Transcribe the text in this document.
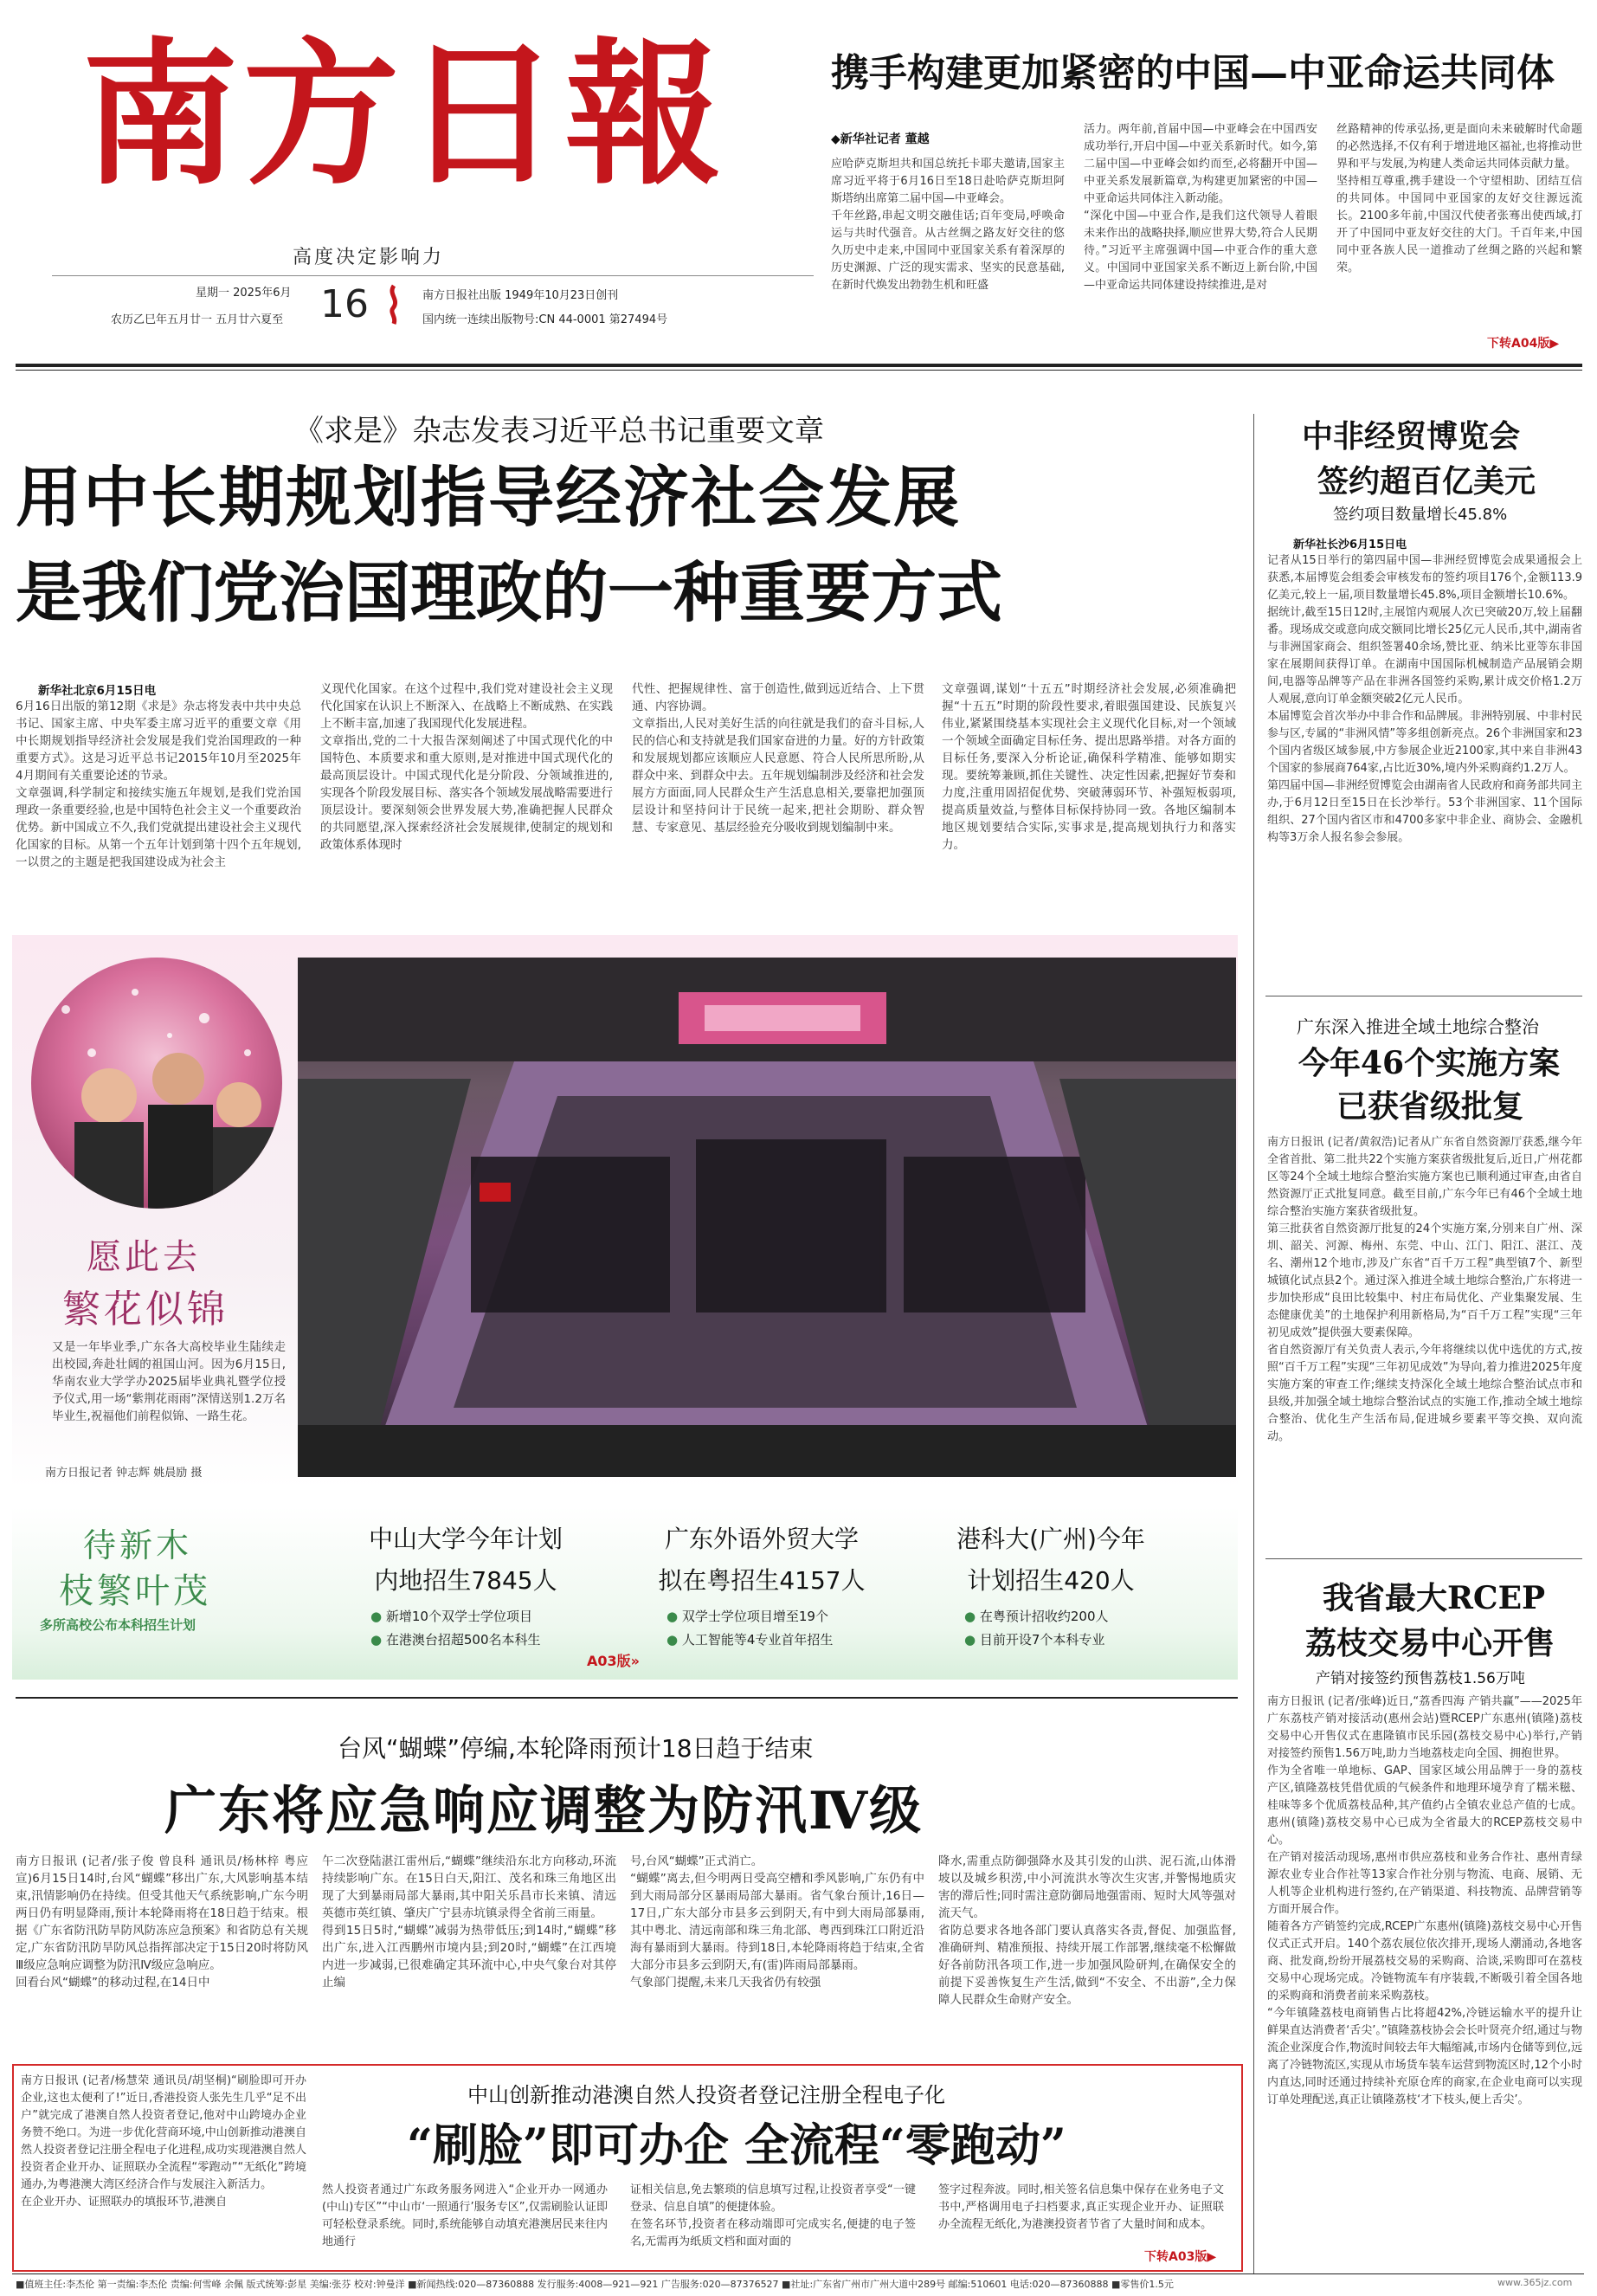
南方日報
高度决定影响力
星期一 2025年6月
农历乙巳年五月廿一 五月廿六夏至 16	南方日报社出版 1949年10月23日创刊
国内统一连续出版物号:CN 44-0001 第27494号
携手构建更加紧密的中国—中亚命运共同体
◆新华社记者 董越
应哈萨克斯坦共和国总统托卡耶夫邀请,国家主席习近平将于6月16日至18日赴哈萨克斯坦阿斯塔纳出席第二届中国—中亚峰会。
千年丝路,串起文明交融佳话;百年变局,呼唤命运与共时代强音。从古丝绸之路友好交往的悠久历史中走来,中国同中亚国家关系有着深厚的历史渊源、广泛的现实需求、坚实的民意基础,在新时代焕发出勃勃生机和旺盛
活力。两年前,首届中国—中亚峰会在中国西安成功举行,开启中国—中亚关系新时代。如今,第二届中国—中亚峰会如约而至,必将翻开中国—中亚关系发展新篇章,为构建更加紧密的中国—中亚命运共同体注入新动能。
“深化中国—中亚合作,是我们这代领导人着眼未来作出的战略抉择,顺应世界大势,符合人民期待。”习近平主席强调中国—中亚合作的重大意义。中国同中亚国家关系不断迈上新台阶,中国—中亚命运共同体建设持续推进,是对
丝路精神的传承弘扬,更是面向未来破解时代命题的必然选择,不仅有利于增进地区福祉,也将推动世界和平与发展,为构建人类命运共同体贡献力量。
坚持相互尊重,携手建设一个守望相助、团结互信的共同体。中国同中亚国家的友好交往源远流长。2100多年前,中国汉代使者张骞出使西域,打开了中国同中亚友好交往的大门。千百年来,中国同中亚各族人民一道推动了丝绸之路的兴起和繁荣。
下转A04版▶
《求是》杂志发表习近平总书记重要文章
用中长期规划指导经济社会发展
是我们党治国理政的一种重要方式
新华社北京6月15日电
6月16日出版的第12期《求是》杂志将发表中共中央总书记、国家主席、中央军委主席习近平的重要文章《用中长期规划指导经济社会发展是我们党治国理政的一种重要方式》。这是习近平总书记2015年10月至2025年4月期间有关重要论述的节录。
文章强调,科学制定和接续实施五年规划,是我们党治国理政一条重要经验,也是中国特色社会主义一个重要政治优势。新中国成立不久,我们党就提出建设社会主义现代化国家的目标。从第一个五年计划到第十四个五年规划,一以贯之的主题是把我国建设成为社会主
义现代化国家。在这个过程中,我们党对建设社会主义现代化国家在认识上不断深入、在战略上不断成熟、在实践上不断丰富,加速了我国现代化发展进程。
文章指出,党的二十大报告深刻阐述了中国式现代化的中国特色、本质要求和重大原则,是对推进中国式现代化的最高顶层设计。中国式现代化是分阶段、分领域推进的,实现各个阶段发展目标、落实各个领域发展战略需要进行顶层设计。要深刻领会世界发展大势,准确把握人民群众的共同愿望,深入探索经济社会发展规律,使制定的规划和政策体系体现时
代性、把握规律性、富于创造性,做到远近结合、上下贯通、内容协调。
文章指出,人民对美好生活的向往就是我们的奋斗目标,人民的信心和支持就是我们国家奋进的力量。好的方针政策和发展规划都应该顺应人民意愿、符合人民所思所盼,从群众中来、到群众中去。五年规划编制涉及经济和社会发展方方面面,同人民群众生产生活息息相关,要靠把加强顶层设计和坚持问计于民统一起来,把社会期盼、群众智慧、专家意见、基层经验充分吸收到规划编制中来。
文章强调,谋划“十五五”时期经济社会发展,必须准确把握“十五五”时期的阶段性要求,着眼强国建设、民族复兴伟业,紧紧围绕基本实现社会主义现代化目标,对一个领域一个领域全面确定目标任务、提出思路举措。对各方面的目标任务,要深入分析论证,确保科学精准、能够如期实现。要统筹兼顾,抓住关键性、决定性因素,把握好节奏和力度,注重用固招促优势、突破薄弱环节、补强短板弱项,提高质量效益,与整体目标保持协同一致。各地区编制本地区规划要结合实际,实事求是,提高规划执行力和落实力。
愿此去
繁花似锦
又是一年毕业季,广东各大高校毕业生陆续走出校园,奔赴壮阔的祖国山河。因为6月15日,华南农业大学学办2025届毕业典礼暨学位授予仪式,用一场“紫荆花雨雨”深情送别1.2万名毕业生,祝福他们前程似锦、一路生花。
南方日报记者 钟志辉 姚晨励 摄
待新木
枝繁叶茂
多所高校公布本科招生计划
中山大学今年计划
内地招生7845人
● 新增10个双学士学位项目
● 在港澳台招超500名本科生
广东外语外贸大学
拟在粤招生4157人
● 双学士学位项目增至19个
● 人工智能等4专业首年招生
港科大(广州)今年
计划招生420人
● 在粤预计招收约200人
● 目前开设7个本科专业
A03版»
台风“蝴蝶”停编,本轮降雨预计18日趋于结束
广东将应急响应调整为防汛Ⅳ级
南方日报讯 (记者/张子俊 曾良科 通讯员/杨林梓 粤应宣)6月15日14时,台风“蝴蝶”移出广东,大风影响基本结束,汛情影响仍在持续。但受其他天气系统影响,广东今明两日仍有明显降雨,预计本轮降雨将在18日趋于结束。根据《广东省防汛防旱防风防冻应急预案》和省防总有关规定,广东省防汛防旱防风总指挥部决定于15日20时将防风Ⅲ级应急响应调整为防汛Ⅳ级应急响应。
回看台风“蝴蝶”的移动过程,在14日中
午二次登陆湛江雷州后,“蝴蝶”继续沿东北方向移动,环流持续影响广东。在15日白天,阳江、茂名和珠三角地区出现了大到暴雨局部大暴雨,其中阳关乐昌市长来镇、清远英德市英红镇、肇庆广宁县赤坑镇录得全省前三雨量。
得到15日5时,“蝴蝶”减弱为热带低压;到14时,“蝴蝶”移出广东,进入江西鹏州市境内县;到20时,“蝴蝶”在江西境内进一步减弱,已很难确定其环流中心,中央气象台对其停止编
号,台风“蝴蝶”正式消亡。
“蝴蝶”离去,但今明两日受高空槽和季风影响,广东仍有中到大雨局部分区暴雨局部大暴雨。省气象台预计,16日—17日,广东大部分市县多云到阴天,有中到大雨局部暴雨,其中粤北、清远南部和珠三角北部、粤西到珠江口附近沿海有暴雨到大暴雨。待到18日,本轮降雨将趋于结束,全省大部分市县多云到阴天,有(雷)阵雨局部暴雨。
气象部门提醒,未来几天我省仍有较强
降水,需重点防御强降水及其引发的山洪、泥石流,山体滑坡以及城乡积涝,中小河流洪水等次生灾害,并警惕地质灾害的滞后性;同时需注意防御局地强雷雨、短时大风等强对流天气。
省防总要求各地各部门要认真落实各责,督促、加强监督,准确研判、精准预报、持续开展工作部署,继续毫不松懈做好各前防汛各项工作,进一步加强风险研判,在确保安全的前提下妥善恢复生产生活,做到“不安全、不出游”,全力保障人民群众生命财产安全。
南方日报讯 (记者/杨慧荣 通讯员/胡坚桐)“刷脸即可开办企业,这也太便利了!”近日,香港投资人张先生几乎“足不出户”就完成了港澳自然人投资者登记,他对中山跨境办企业务赞不绝口。为进一步优化营商环境,中山创新推动港澳自然人投资者登记注册全程电子化进程,成功实现港澳自然人投资者企业开办、证照联办全流程“零跑动”“无纸化”跨境通办,为粤港澳大湾区经济合作与发展注入新活力。
在企业开办、证照联办的填报环节,港澳自
中山创新推动港澳自然人投资者登记注册全程电子化
“刷脸”即可办企 全流程“零跑动”
然人投资者通过广东政务服务网进入“企业开办一网通办(中山)专区”“中山市‘一照通行’服务专区”,仅需刷脸认证即可轻松登录系统。同时,系统能够自动填充港澳居民来往内地通行
证相关信息,免去繁琐的信息填写过程,让投资者享受“一键登录、信息自填”的便捷体验。
在签名环节,投资者在移动端即可完成实名,便捷的电子签名,无需再为纸质文档和面对面的
签字过程奔波。同时,相关签名信息集中保存在业务电子文书中,严格调用电子扫档要求,真正实现企业开办、证照联办全流程无纸化,为港澳投资者节省了大量时间和成本。
下转A03版▶
中非经贸博览会
签约超百亿美元
签约项目数量增长45.8%
新华社长沙6月15日电
记者从15日举行的第四届中国—非洲经贸博览会成果通报会上获悉,本届博览会组委会审核发布的签约项目176个,金额113.9亿美元,较上一届,项目数量增长45.8%,项目金额增长10.6%。
据统计,截至15日12时,主展馆内观展人次已突破20万,较上届翻番。现场成交或意向成交额同比增长25亿元人民币,其中,湖南省与非洲国家商会、组织签署40余场,赞比亚、纳米比亚等东非国家在展期间获得订单。在湖南中国国际机械制造产品展销会期间,电器等品牌等产品在非洲各国签约采购,累计成交价格1.2万人观展,意向订单金额突破2亿元人民币。
本届博览会首次举办中非合作和品牌展。非洲特别展、中非村民参与区,专属的“非洲风情”等多组创新亮点。26个非洲国家和23个国内省级区域参展,中方参展企业近2100家,其中来自非洲43个国家的参展商764家,占比近30%,境内外采购商约1.2万人。
第四届中国—非洲经贸博览会由湖南省人民政府和商务部共同主办,于6月12日至15日在长沙举行。53个非洲国家、11个国际组织、27个国内省区市和4700多家中非企业、商协会、金融机构等3万余人报名参会参展。
广东深入推进全域土地综合整治
今年46个实施方案
已获省级批复
南方日报讯 (记者/黄叙浩)记者从广东省自然资源厅获悉,继今年全省首批、第二批共22个实施方案获省级批复后,近日,广州花都区等24个全域土地综合整治实施方案也已顺利通过审查,由省自然资源厅正式批复同意。截至目前,广东今年已有46个全域土地综合整治实施方案获省级批复。
第三批获省自然资源厅批复的24个实施方案,分别来自广州、深圳、韶关、河源、梅州、东莞、中山、江门、阳江、湛江、茂名、潮州12个地市,涉及广东省“百千万工程”典型镇7个、新型城镇化试点县2个。通过深入推进全域土地综合整治,广东将进一步加快形成“良田比较集中、村庄布局优化、产业集聚发展、生态健康优美”的土地保护利用新格局,为“百千万工程”实现“三年初见成效”提供强大要素保障。
省自然资源厅有关负责人表示,今年将继续以优中选优的方式,按照“百千万工程”实现“三年初见成效”为导向,着力推进2025年度实施方案的审查工作;继续支持深化全域土地综合整治试点市和县级,并加强全域土地综合整治试点的实施工作,推动全域土地综合整治、优化生产生活布局,促进城乡要素平等交换、双向流动。
我省最大RCEP
荔枝交易中心开售
产销对接签约预售荔枝1.56万吨
南方日报讯 (记者/张峰)近日,“荔香四海 产销共赢”——2025年广东荔枝产销对接活动(惠州会站)暨RCEP广东惠州(镇隆)荔枝交易中心开售仪式在惠隆镇市民乐园(荔枝交易中心)举行,产销对接签约预售1.56万吨,助力当地荔枝走向全国、拥抱世界。
作为全省唯一单地标、GAP、国家区域公用品牌于一身的荔枝产区,镇隆荔枝凭借优质的气候条件和地理环境孕育了糯米糍、桂味等多个优质荔枝品种,其产值约占全镇农业总产值的七成。惠州(镇隆)荔枝交易中心已成为全省最大的RCEP荔枝交易中心。
在产销对接活动现场,惠州市供应荔枝和业务合作社、惠州青绿源农业专业合作社等13家合作社分别与物流、电商、展销、无人机等企业机构进行签约,在产销渠道、科技物流、品牌营销等方面开展合作。
随着各方产销签约完成,RCEP广东惠州(镇隆)荔枝交易中心开售仪式正式开启。140个荔农展位依次排开,现场人潮涌动,各地客商、批发商,纷纷开展荔枝交易的采购商、洽谈,采购即可在荔枝交易中心现场完成。冷链物流车有序装载,不断吸引着全国各地的采购商和消费者前来采购荔枝。
“今年镇隆荔枝电商销售占比将超42%,冷链运输水平的提升让鲜果直达消费者‘舌尖’。”镇隆荔枝协会会长叶贤亮介绍,通过与物流企业深度合作,物流时间较去年大幅缩减,市场内仓储等到位,远离了冷链物流区,实现从市场货车装车运营到物流区时,12个小时内直达,同时还通过持续补充原仓库的商家,在企业电商可以实现订单处理配送,真正让镇隆荔枝‘才下枝头,便上舌尖’。
■值班主任:李杰伦 第一责编:李杰伦 责编:何雪峰 余佩 版式统筹:彭星 美编:张芬 校对:钟曼洋 ■新闻热线:020—87360888 发行服务:4008—921—921 广告服务:020—87376527 ■社址:广东省广州市广州大道中289号 邮编:510601 电话:020—87360888 ■零售价1.5元	www.365jz.com
